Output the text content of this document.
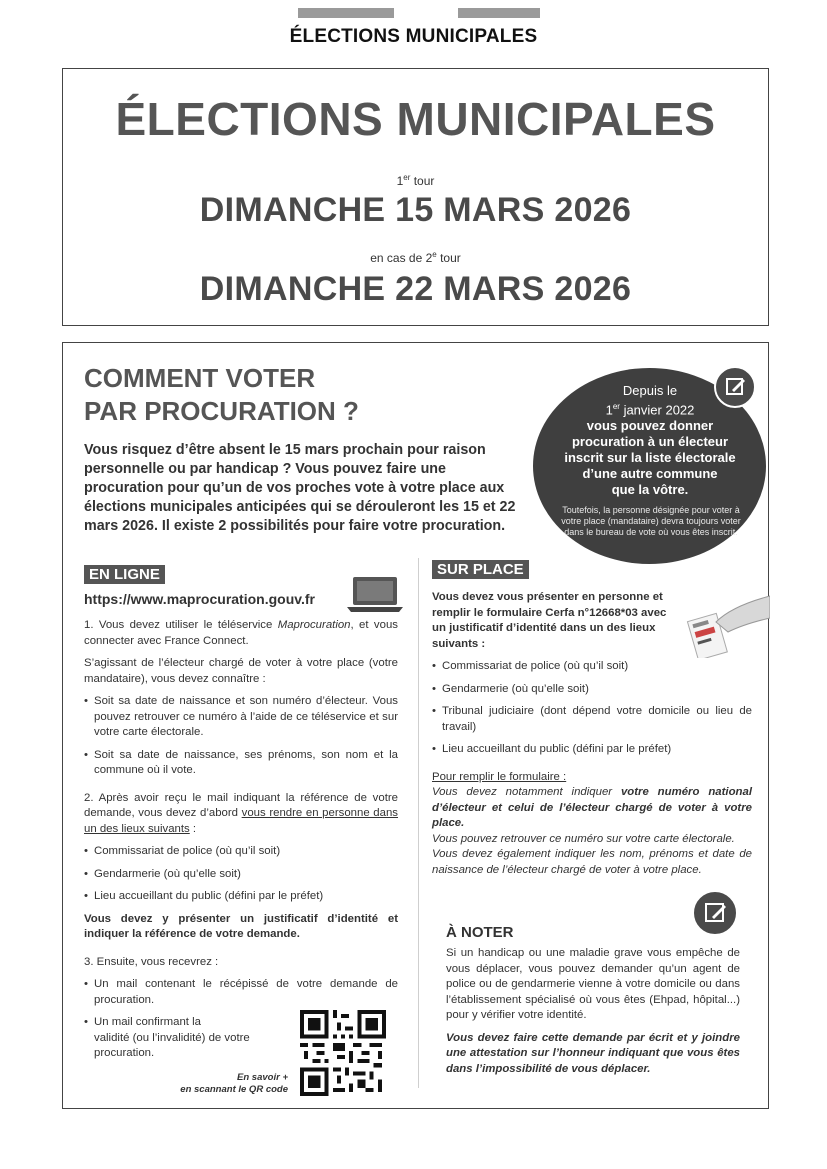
ÉLECTIONS MUNICIPALES
ÉLECTIONS MUNICIPALES
1er tour
DIMANCHE 15 MARS 2026
en cas de 2e tour
DIMANCHE 22 MARS 2026
COMMENT VOTER
PAR PROCURATION ?
Vous risquez d’être absent le 15 mars prochain pour raison personnelle ou par handicap ? Vous pouvez faire une procuration pour qu’un de vos proches vote à votre place aux élections municipales anticipées qui se dérouleront les 15 et 22 mars 2026. Il existe 2 possibilités pour faire votre procuration.
Depuis le
1er janvier 2022
vous pouvez donner
procuration à un électeur
inscrit sur la liste électorale
d’une autre commune
que la vôtre.
Toutefois, la personne désignée pour voter à votre place (mandataire) devra toujours voter dans le bureau de vote où vous êtes inscrit.
EN LIGNE
https://www.maprocuration.gouv.fr
1. Vous devez utiliser le téléservice Maprocuration, et vous connecter avec France Connect.
S’agissant de l’électeur chargé de voter à votre place (votre mandataire), vous devez connaître :
• Soit sa date de naissance et son numéro d’électeur. Vous pouvez retrouver ce numéro à l’aide de ce téléservice et sur votre carte électorale.
• Soit sa date de naissance, ses prénoms, son nom et la commune où il vote.
2. Après avoir reçu le mail indiquant la référence de votre demande, vous devez d’abord vous rendre en personne dans un des lieux suivants :
• Commissariat de police (où qu’il soit)
• Gendarmerie (où qu’elle soit)
• Lieu accueillant du public (défini par le préfet)
Vous devez y présenter un justificatif d’identité et indiquer la référence de votre demande.
3. Ensuite, vous recevrez :
• Un mail contenant le récépissé de votre demande de procuration.
• Un mail confirmant la
validité (ou l’invalidité) de votre
procuration.
En savoir +
en scannant le QR code
SUR PLACE
Vous devez vous présenter en personne et remplir le formulaire Cerfa n°12668*03 avec un justificatif d’identité dans un des lieux suivants :
• Commissariat de police (où qu’il soit)
• Gendarmerie (où qu’elle soit)
• Tribunal judiciaire (dont dépend votre domicile ou lieu de travail)
• Lieu accueillant du public (défini par le préfet)
Pour remplir le formulaire :
Vous devez notamment indiquer votre numéro national d’électeur et celui de l’électeur chargé de voter à votre place.
Vous pouvez retrouver ce numéro sur votre carte électorale.
Vous devez également indiquer les nom, prénoms et date de naissance de l’électeur chargé de voter à votre place.
À NOTER
Si un handicap ou une maladie grave vous empêche de vous déplacer, vous pouvez demander qu’un agent de police ou de gendarmerie vienne à votre domicile ou dans l’établissement spécialisé où vous êtes (Ehpad, hôpital...) pour y vérifier votre identité.
Vous devez faire cette demande par écrit et y joindre une attestation sur l’honneur indiquant que vous êtes dans l’impossibilité de vous déplacer.
